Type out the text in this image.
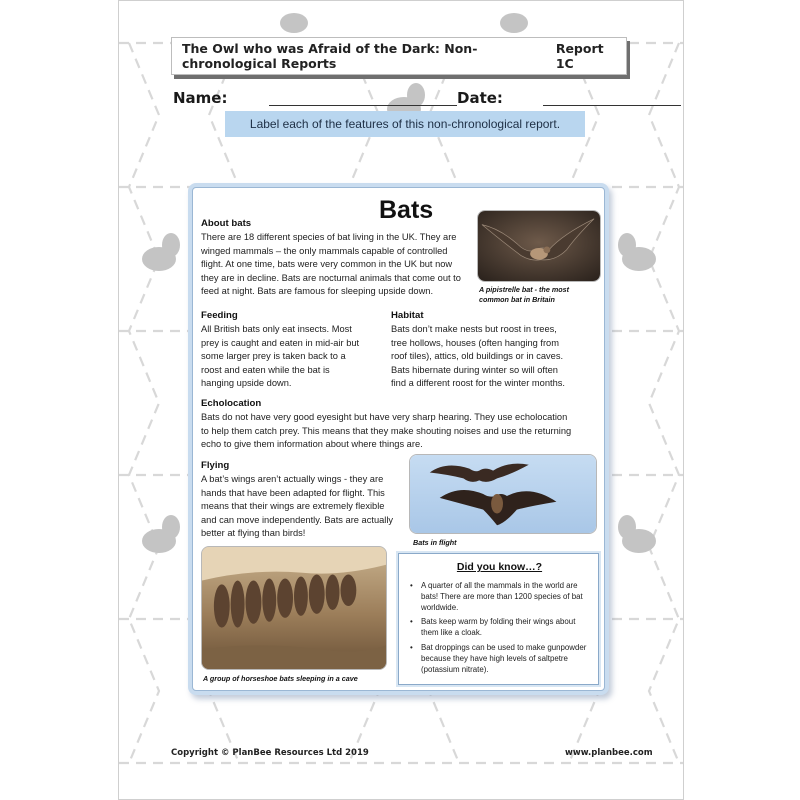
The Owl who was Afraid of the Dark: Non-chronological Reports
Report 1C
Name:	Date:
Label each of the features of this non-chronological report.
Bats
About bats
There are 18 different species of bat living in the UK. They are
winged mammals – the only mammals capable of controlled
flight. At one time, bats were very common in the UK but now
they are in decline. Bats are nocturnal animals that come out to
feed at night. Bats are famous for sleeping upside down.	A pipistrelle bat - the most
common bat in Britain
Feeding
All British bats only eat insects. Most
prey is caught and eaten in mid-air but
some larger prey is taken back to a
roost and eaten while the bat is
hanging upside down.
Habitat
Bats don’t make nests but roost in trees,
tree hollows, houses (often hanging from
roof tiles), attics, old buildings or in caves.
Bats hibernate during winter so will often
find a different roost for the winter months.
Echolocation
Bats do not have very good eyesight but have very sharp hearing. They use echolocation
to help them catch prey. This means that they make shouting noises and use the returning
echo to give them information about where things are.
Flying
A bat’s wings aren’t actually wings - they are
hands that have been adapted for flight. This
means that their wings are extremely flexible
and can move independently. Bats are actually
better at flying than birds!
Bats in flight
A group of horseshoe bats sleeping in a cave
Did you know…?
• A quarter of all the mammals in the world are bats! There are more than 1200 species of bat worldwide.
• Bats keep warm by folding their wings about them like a cloak.
• Bat droppings can be used to make gunpowder because they have high levels of saltpetre (potassium nitrate).
Copyright © PlanBee Resources Ltd 2019	www.planbee.com
